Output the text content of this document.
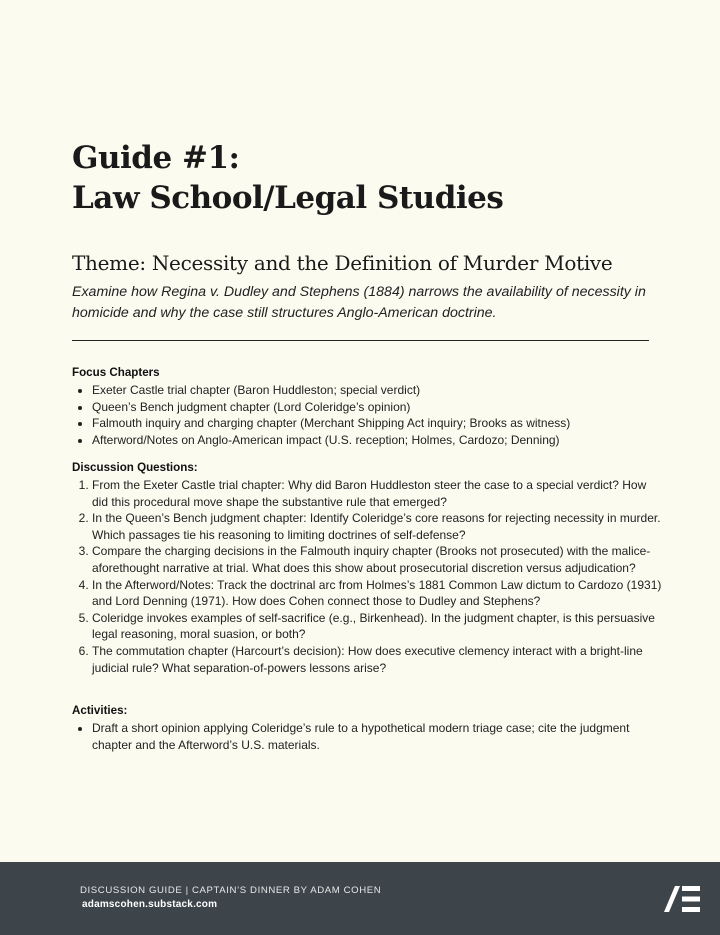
Guide #1:
Law School/Legal Studies
Theme: Necessity and the Definition of Murder Motive

Examine how Regina v. Dudley and Stephens (1884) narrows the availability of necessity in homicide and why the case still structures Anglo-American doctrine.

Focus Chapters
• Exeter Castle trial chapter (Baron Huddleston; special verdict)
• Queen’s Bench judgment chapter (Lord Coleridge’s opinion)
• Falmouth inquiry and charging chapter (Merchant Shipping Act inquiry; Brooks as witness)
• Afterword/Notes on Anglo-American impact (U.S. reception; Holmes, Cardozo; Denning)
Discussion Questions:
1. From the Exeter Castle trial chapter: Why did Baron Huddleston steer the case to a special verdict? How did this procedural move shape the substantive rule that emerged?
2. In the Queen’s Bench judgment chapter: Identify Coleridge’s core reasons for rejecting necessity in murder. Which passages tie his reasoning to limiting doctrines of self-defense?
3. Compare the charging decisions in the Falmouth inquiry chapter (Brooks not prosecuted) with the malice-aforethought narrative at trial. What does this show about prosecutorial discretion versus adjudication?
4. In the Afterword/Notes: Track the doctrinal arc from Holmes’s 1881 Common Law dictum to Cardozo (1931) and Lord Denning (1971). How does Cohen connect those to Dudley and Stephens?
5. Coleridge invokes examples of self-sacrifice (e.g., Birkenhead). In the judgment chapter, is this persuasive legal reasoning, moral suasion, or both?
6. The commutation chapter (Harcourt’s decision): How does executive clemency interact with a bright-line judicial rule? What separation-of-powers lessons arise?
Activities:
• Draft a short opinion applying Coleridge’s rule to a hypothetical modern triage case; cite the judgment chapter and the Afterword’s U.S. materials.
DISCUSSION GUIDE | CAPTAIN’S DINNER BY ADAM COHEN
adamscohen.substack.com
